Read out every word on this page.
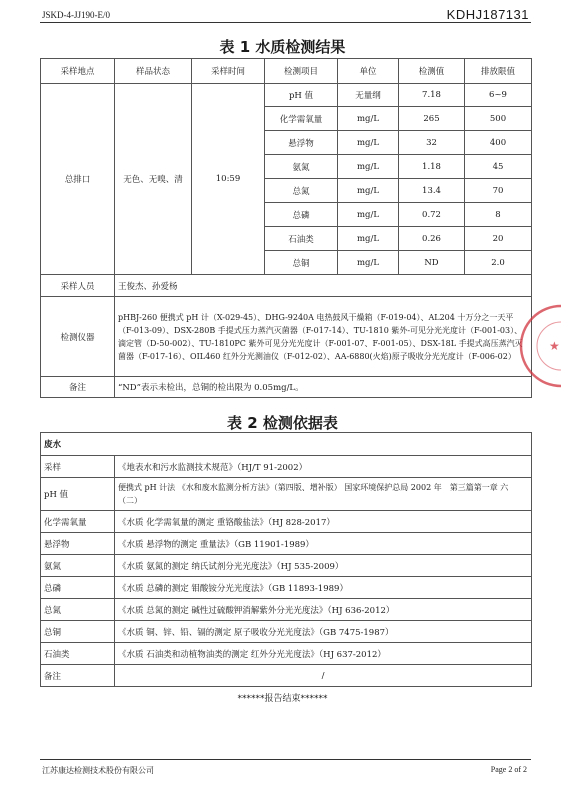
JSKD-4-JJ190-E/0	KDHJ187131
表 1 水质检测结果
采样地点	样品状态	采样时间	检测项目	单位	检测值	排放限值
总排口	无色、无嗅、清	10:59	pH 值	无量纲	7.18	6~9
			化学需氧量	mg/L	265	500
			悬浮物	mg/L	32	400
			氨氮	mg/L	1.18	45
			总氮	mg/L	13.4	70
			总磷	mg/L	0.72	8
			石油类	mg/L	0.26	20
			总铜	mg/L	ND	2.0
采样人员	王俊杰、孙爱杨					
检测仪器	pHBJ-260 便携式 pH 计（X-029-45）、DHG-9240A 电热鼓风干燥箱（F-019-04）、AL204 十万分之一天平（F-013-09）、DSX-280B 手提式压力蒸汽灭菌器（F-017-14）、TU-1810 紫外-可见分光光度计（F-001-03）、滴定管（D-50-002）、TU-1810PC 紫外可见分光光度计（F-001-07、F-001-05）、DSX-18L 手提式高压蒸汽灭菌器（F-017-16）、OIL460 红外分光测油仪（F-012-02）、AA-6880(火焰)原子吸收分光光度计（F-006-02）					
备注	“ND”表示未检出，总铜的检出限为 0.05mg/L。					
表 2 检测依据表
废水	
采样	《地表水和污水监测技术规范》（HJ/T 91-2002）
pH 值	便携式 pH 计法 《水和废水监测分析方法》（第四版、增补版） 国家环境保护总局 2002 年　第三篇第一章 六（二）
化学需氧量	《水质 化学需氧量的测定 重铬酸盐法》（HJ 828-2017）
悬浮物	《水质 悬浮物的测定 重量法》（GB 11901-1989）
氨氮	《水质 氨氮的测定 纳氏试剂分光光度法》（HJ 535-2009）
总磷	《水质 总磷的测定 钼酸铵分光光度法》（GB 11893-1989）
总氮	《水质 总氮的测定 碱性过硫酸钾消解紫外分光光度法》（HJ 636-2012）
总铜	《水质 铜、锌、铅、镉的测定 原子吸收分光光度法》（GB 7475-1987）
石油类	《水质 石油类和动植物油类的测定 红外分光光度法》（HJ 637-2012）
备注	/
******报告结束******
★
江苏康达检测技术股份有限公司	Page 2 of 2
